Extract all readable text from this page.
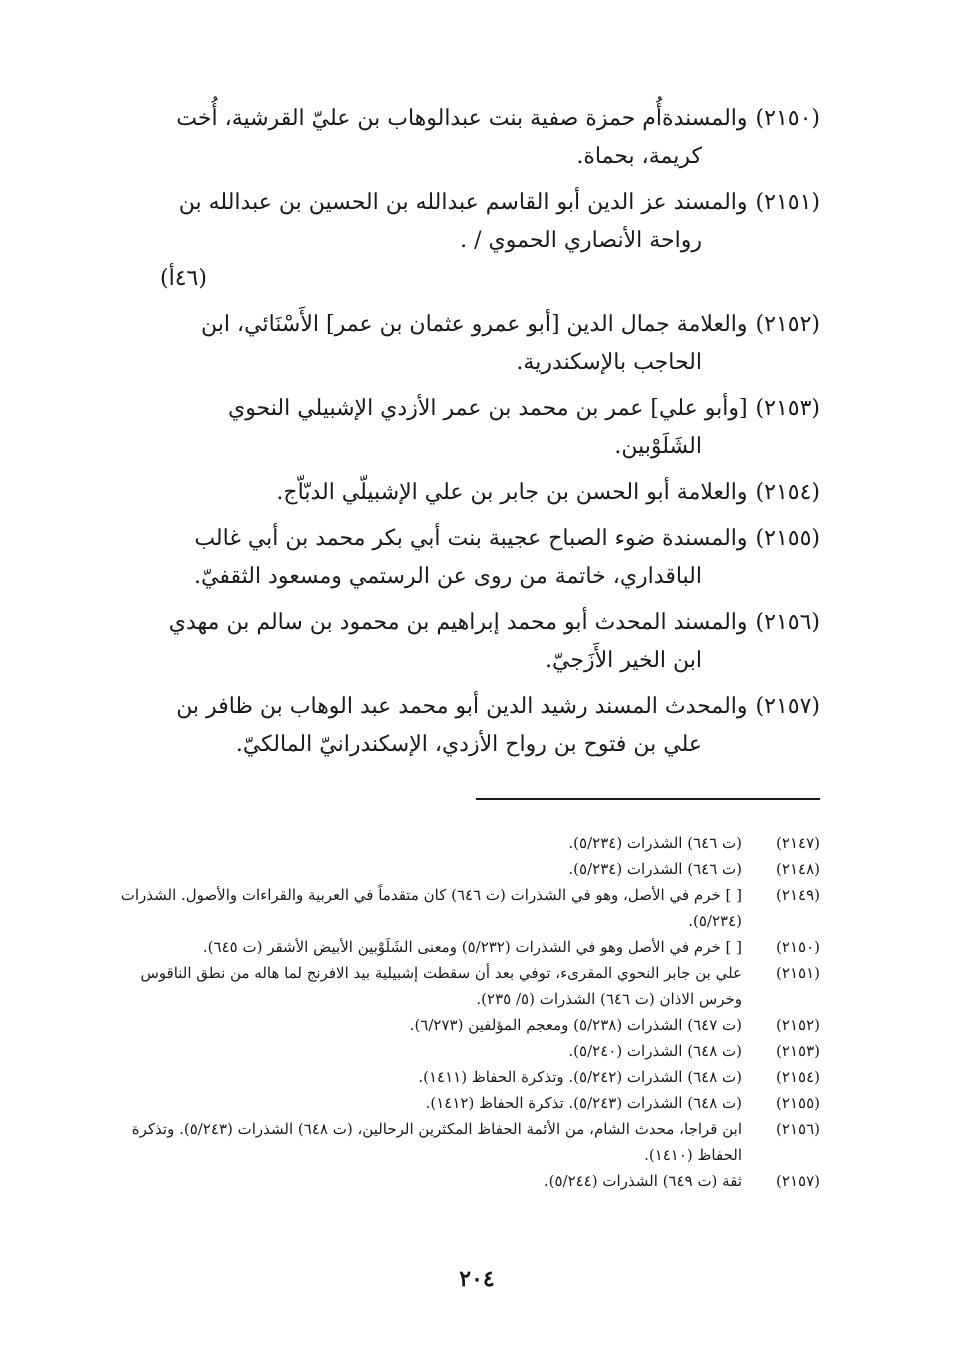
(٢١٥٠)
والمسندةأُم حمزة صفية بنت عبدالوهاب بن عليّ القرشية، أُخت
كريمة، بحماة.
(٢١٥١)
والمسند عز الدين أبو القاسم عبدالله بن الحسين بن عبدالله بن
رواحة الأنصاري الحموي / .
(٤٦أ)
(٢١٥٢)
والعلامة جمال الدين [أبو عمرو عثمان بن عمر] الأَسْنَائي، ابن
الحاجب بالإسكندرية.
(٢١٥٣)
[وأبو علي] عمر بن محمد بن عمر الأزدي الإشبيلي النحوي
الشَلَوْبين.
(٢١٥٤)
والعلامة أبو الحسن بن جابر بن علي الإشبيلّي الدبّاّج.
(٢١٥٥)
والمسندة ضوء الصباح عجيبة بنت أبي بكر محمد بن أبي غالب
الباقداري، خاتمة من روى عن الرستمي ومسعود الثقفيّ.
(٢١٥٦)
والمسند المحدث أبو محمد إبراهيم بن محمود بن سالم بن مهدي
ابن الخير الأَزَجيّ.
(٢١٥٧)
والمحدث المسند رشيد الدين أبو محمد عبد الوهاب بن ظافر بن
علي بن فتوح بن رواح الأزدي، الإسكندرانيّ المالكيّ.
(٢١٤٧)
(ت ٦٤٦) الشذرات (٥/٢٣٤).
(٢١٤٨)
(ت ٦٤٦) الشذرات (٥/٢٣٤).
(٢١٤٩)
[ ] خرم في الأصل، وهو في الشذرات (ت ٦٤٦) كان متقدماً في العربية والقراءات والأصول. الشذرات (٥/٢٣٤).
(٢١٥٠)
[ ] خرم في الأصل وهو في الشذرات (٥/٢٣٢) ومعنى الشَلَوْبين الأبيض الأشقر (ت ٦٤٥).
(٢١٥١)
علي بن جابر النحوي المقرىء، توفي بعد أن سقطت إشبيلية بيد الافرنج لما هاله من نطق الناقوس وخرس الاذان (ت ٦٤٦) الشذرات (٥/ ٢٣٥).
(٢١٥٢)
(ت ٦٤٧) الشذرات (٥/٢٣٨) ومعجم المؤلفين (٦/٢٧٣).
(٢١٥٣)
(ت ٦٤٨) الشذرات (٥/٢٤٠).
(٢١٥٤)
(ت ٦٤٨) الشذرات (٥/٢٤٢). وتذكرة الحفاظ (١٤١١).
(٢١٥٥)
(ت ٦٤٨) الشذرات (٥/٢٤٣). تذكرة الحفاظ (١٤١٢).
(٢١٥٦)
ابن قراجا، محدث الشام، من الأئمة الحفاظ المكثرين الرحالين، (ت ٦٤٨) الشذرات (٥/٢٤٣). وتذكرة الحفاظ (١٤١٠).
(٢١٥٧)
ثقة (ت ٦٤٩) الشذرات (٥/٢٤٤).
٢٠٤
